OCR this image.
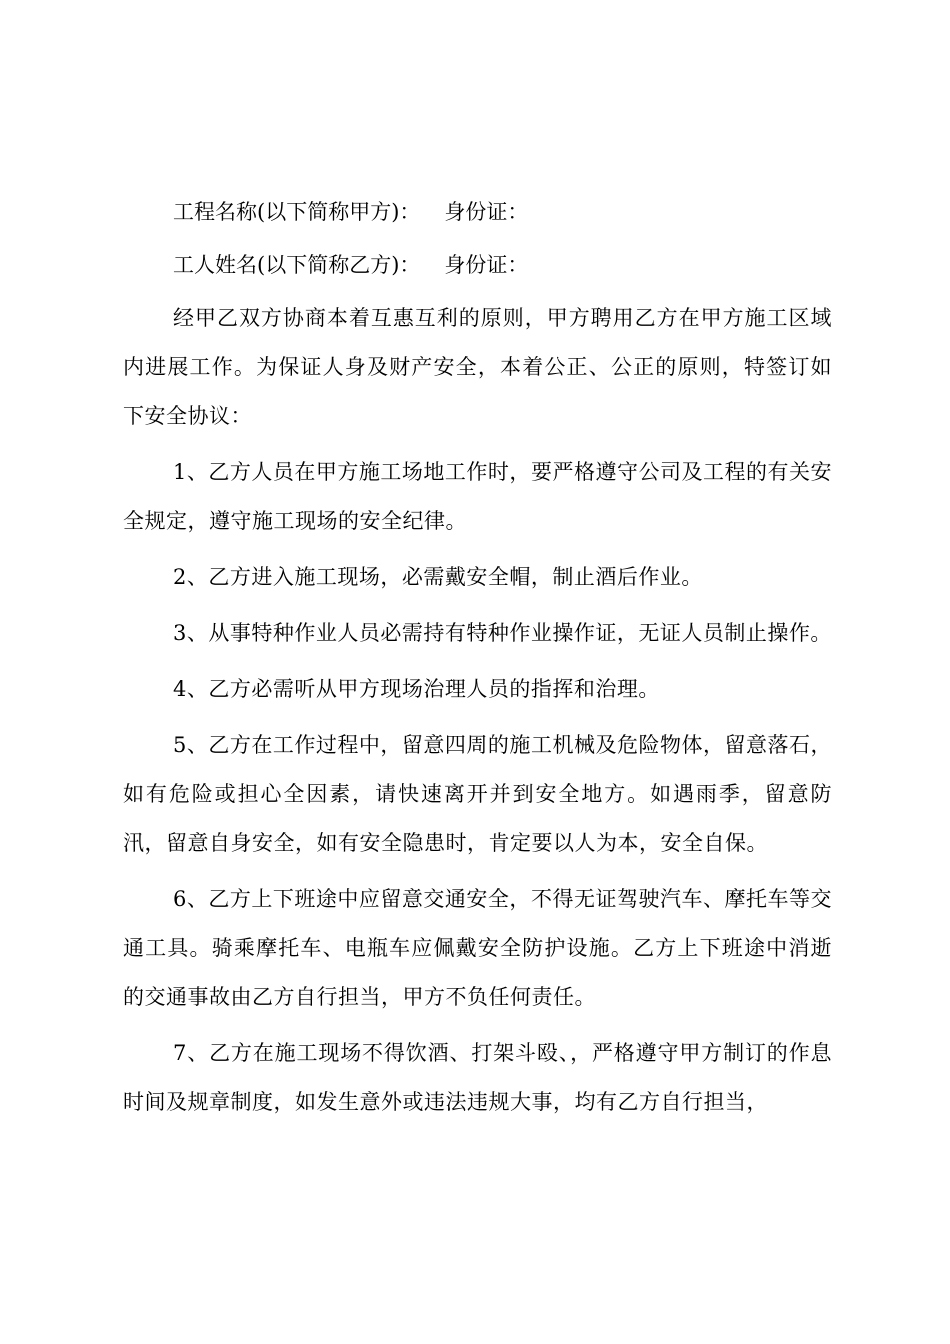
工程名称(以下简称甲方)： 身份证：

工人姓名(以下简称乙方)： 身份证：

经甲乙双方协商本着互惠互利的原则，甲方聘用乙方在甲方施工区域内进展工作。为保证人身及财产安全，本着公正、公正的原则，特签订如下安全协议：

1、乙方人员在甲方施工场地工作时，要严格遵守公司及工程的有关安全规定，遵守施工现场的安全纪律。

2、乙方进入施工现场，必需戴安全帽，制止酒后作业。

3、从事特种作业人员必需持有特种作业操作证，无证人员制止操作。

4、乙方必需听从甲方现场治理人员的指挥和治理。

5、乙方在工作过程中，留意四周的施工机械及危险物体，留意落石，如有危险或担心全因素，请快速离开并到安全地方。如遇雨季，留意防汛，留意自身安全，如有安全隐患时，肯定要以人为本，安全自保。

6、乙方上下班途中应留意交通安全，不得无证驾驶汽车、摩托车等交通工具。骑乘摩托车、电瓶车应佩戴安全防护设施。乙方上下班途中消逝的交通事故由乙方自行担当，甲方不负任何责任。

7、乙方在施工现场不得饮酒、打架斗殴、，严格遵守甲方制订的作息时间及规章制度，如发生意外或违法违规大事，均有乙方自行担当，
